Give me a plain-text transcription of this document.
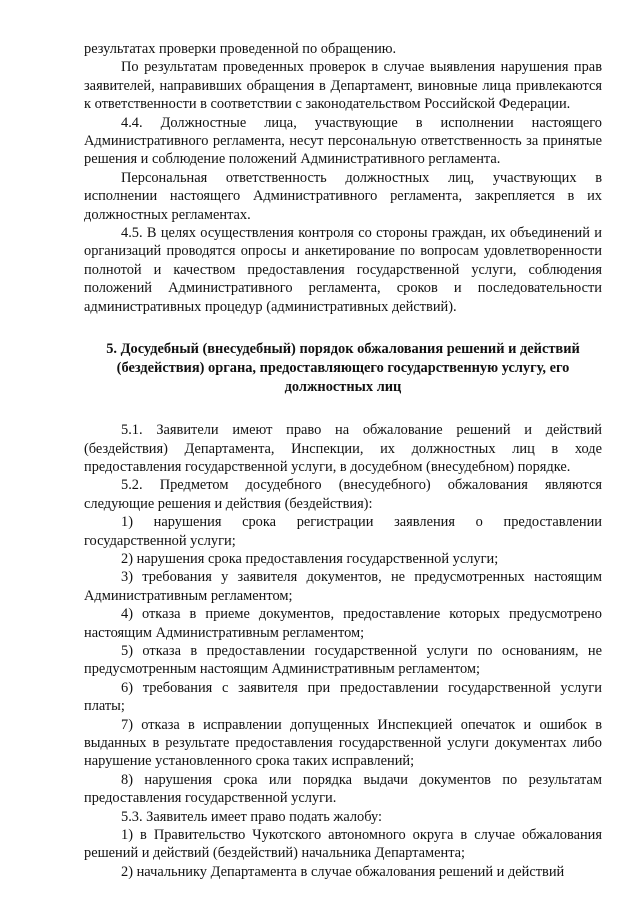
результатах проверки проведенной по обращению.

По результатам проведенных проверок в случае выявления нарушения прав заявителей, направивших обращения в Департамент, виновные лица привлекаются к ответственности в соответствии с законодательством Российской Федерации.

4.4. Должностные лица, участвующие в исполнении настоящего Административного регламента, несут персональную ответственность за принятые решения и соблюдение положений Административного регламента.

Персональная ответственность должностных лиц, участвующих в исполнении настоящего Административного регламента, закрепляется в их должностных регламентах.

4.5. В целях осуществления контроля со стороны граждан, их объединений и организаций проводятся опросы и анкетирование по вопросам удовлетворенности полнотой и качеством предоставления государственной услуги, соблюдения положений Административного регламента, сроков и последовательности административных процедур (административных действий).

5. Досудебный (внесудебный) порядок обжалования решений и действий (бездействия) органа, предоставляющего государственную услугу, его должностных лиц

5.1. Заявители имеют право на обжалование решений и действий (бездействия) Департамента, Инспекции, их должностных лиц в ходе предоставления государственной услуги, в досудебном (внесудебном) порядке.

5.2. Предметом досудебного (внесудебного) обжалования являются следующие решения и действия (бездействия):

1) нарушения срока регистрации заявления о предоставлении государственной услуги;

2) нарушения срока предоставления государственной услуги;

3) требования у заявителя документов, не предусмотренных настоящим Административным регламентом;

4) отказа в приеме документов, предоставление которых предусмотрено настоящим Административным регламентом;

5) отказа в предоставлении государственной услуги по основаниям, не предусмотренным настоящим Административным регламентом;

6) требования с заявителя при предоставлении государственной услуги платы;

7) отказа в исправлении допущенных Инспекцией опечаток и ошибок в выданных в результате предоставления государственной услуги документах либо нарушение установленного срока таких исправлений;

8) нарушения срока или порядка выдачи документов по результатам предоставления государственной услуги.

5.3. Заявитель имеет право подать жалобу:

1) в Правительство Чукотского автономного округа в случае обжалования решений и действий (бездействий) начальника Департамента;

2) начальнику Департамента в случае обжалования решений и действий
